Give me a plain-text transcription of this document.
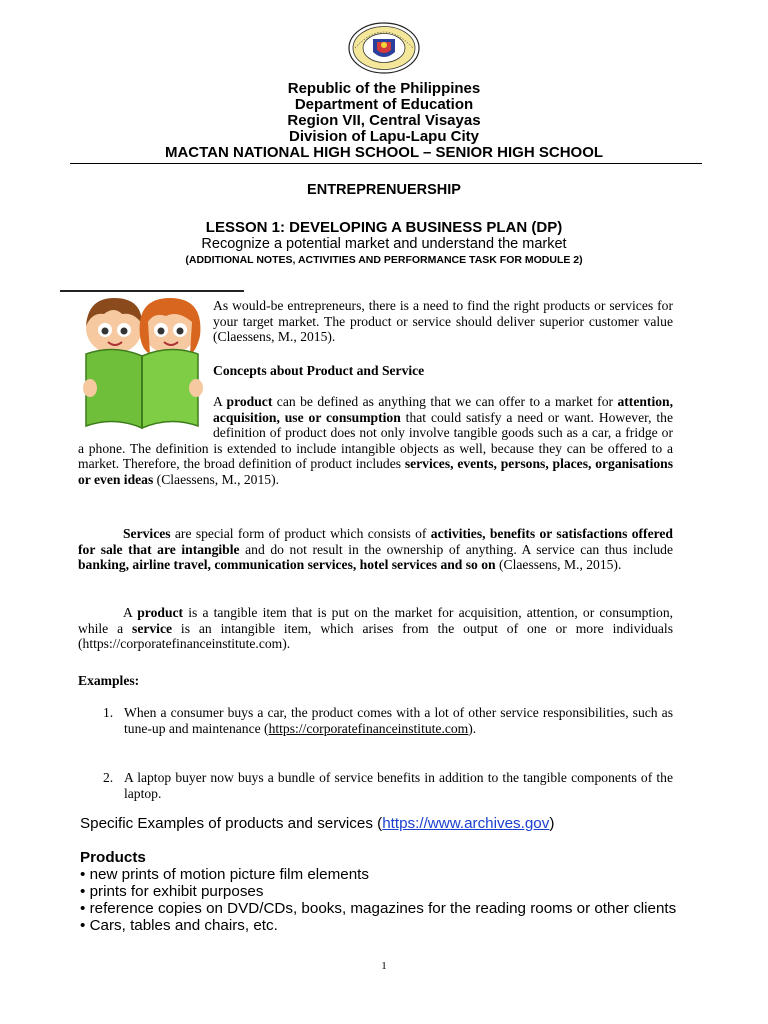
Republic of the Philippines
Department of Education
Region VII, Central Visayas
Division of Lapu-Lapu City
MACTAN NATIONAL HIGH SCHOOL – SENIOR HIGH SCHOOL
ENTREPRENUERSHIP
LESSON 1: DEVELOPING A BUSINESS PLAN (DP)
Recognize a potential market and understand the market
(ADDITIONAL NOTES, ACTIVITIES AND PERFORMANCE TASK FOR MODULE 2)
As would-be entrepreneurs, there is a need to find the right products or services for your target market. The product or service should deliver superior customer value (Claessens, M., 2015).
Concepts about Product and Service
A product can be defined as anything that we can offer to a market for attention, acquisition, use or consumption that could satisfy a need or want. However, the definition of product does not only involve tangible goods such as a car, a fridge or a phone. The definition is extended to include intangible objects as well, because they can be offered to a market. Therefore, the broad definition of product includes services, events, persons, places, organisations or even ideas (Claessens, M., 2015).
Services are special form of product which consists of activities, benefits or satisfactions offered for sale that are intangible and do not result in the ownership of anything. A service can thus include banking, airline travel, communication services, hotel services and so on (Claessens, M., 2015).
A product is a tangible item that is put on the market for acquisition, attention, or consumption, while a service is an intangible item, which arises from the output of one or more individuals (https://corporatefinanceinstitute.com).
Examples:
1. When a consumer buys a car, the product comes with a lot of other service responsibilities, such as tune-up and maintenance (https://corporatefinanceinstitute.com).
2. A laptop buyer now buys a bundle of service benefits in addition to the tangible components of the laptop.
Specific Examples of products and services (https://www.archives.gov)
Products
• new prints of motion picture film elements
• prints for exhibit purposes
• reference copies on DVD/CDs, books, magazines for the reading rooms or other clients
• Cars, tables and chairs, etc.
1
